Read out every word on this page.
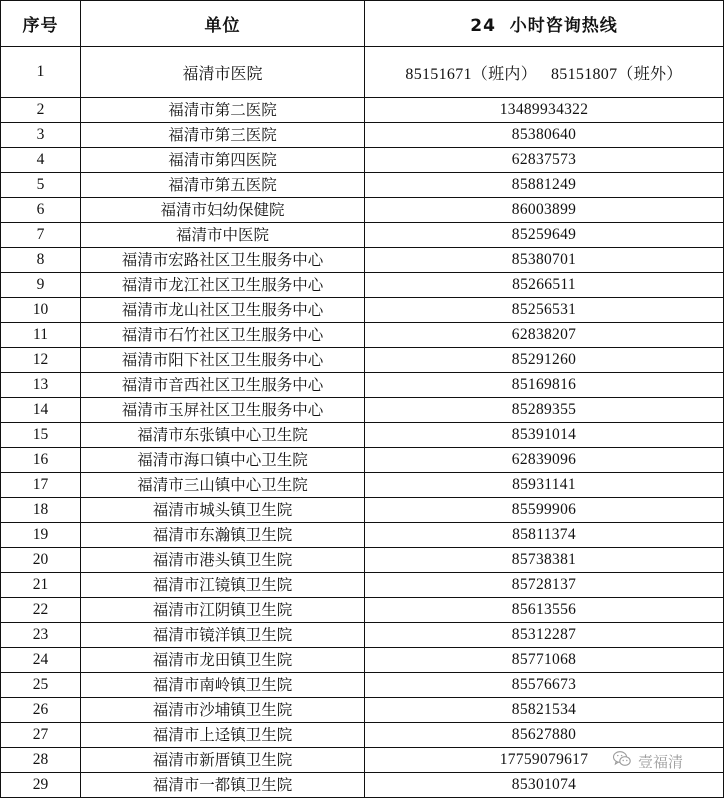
序号	单位	24  小时咨询热线
1	福清市医院	85151671（班内） 85151807（班外）
2	福清市第二医院	13489934322
3	福清市第三医院	85380640
4	福清市第四医院	62837573
5	福清市第五医院	85881249
6	福清市妇幼保健院	86003899
7	福清市中医院	85259649
8	福清市宏路社区卫生服务中心	85380701
9	福清市龙江社区卫生服务中心	85266511
10	福清市龙山社区卫生服务中心	85256531
11	福清市石竹社区卫生服务中心	62838207
12	福清市阳下社区卫生服务中心	85291260
13	福清市音西社区卫生服务中心	85169816
14	福清市玉屏社区卫生服务中心	85289355
15	福清市东张镇中心卫生院	85391014
16	福清市海口镇中心卫生院	62839096
17	福清市三山镇中心卫生院	85931141
18	福清市城头镇卫生院	85599906
19	福清市东瀚镇卫生院	85811374
20	福清市港头镇卫生院	85738381
21	福清市江镜镇卫生院	85728137
22	福清市江阴镇卫生院	85613556
23	福清市镜洋镇卫生院	85312287
24	福清市龙田镇卫生院	85771068
25	福清市南岭镇卫生院	85576673
26	福清市沙埔镇卫生院	85821534
27	福清市上迳镇卫生院	85627880
28	福清市新厝镇卫生院	17759079617
29	福清市一都镇卫生院	85301074
壹福清
